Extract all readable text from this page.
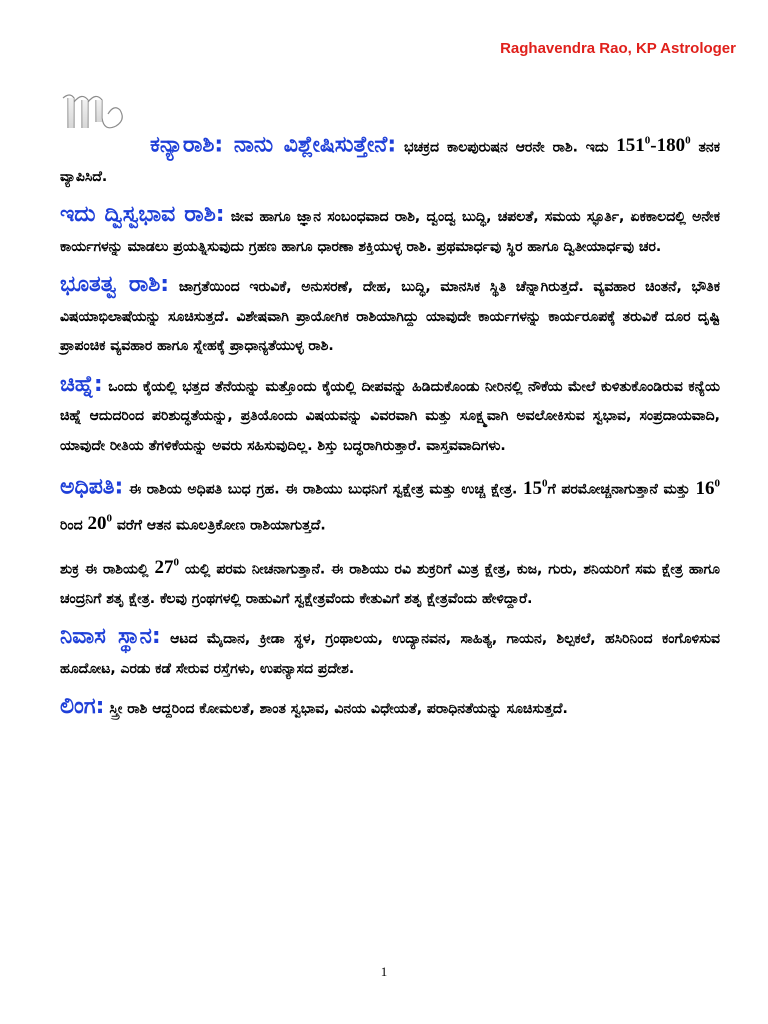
Raghavendra Rao, KP Astrologer

ಕನ್ಯಾರಾಶಿ: ನಾನು ವಿಶ್ಲೇಷಿಸುತ್ತೇನೆ: ಭಚಕ್ರದ ಕಾಲಪುರುಷನ ಆರನೇ ರಾಶಿ. ಇದು $151^0-180^0$ ತನಕ ವ್ಯಾಪಿಸಿದೆ.

ಇದು ದ್ವಿಸ್ವಭಾವ ರಾಶಿ: ಜೀವ ಹಾಗೂ ಜ್ಞಾನ ಸಂಬಂಧವಾದ ರಾಶಿ, ದ್ವಂದ್ವ ಬುದ್ಧಿ, ಚಪಲತೆ, ಸಮಯ ಸ್ಫೂರ್ತಿ, ಏಕಕಾಲದಲ್ಲಿ ಅನೇಕ ಕಾರ್ಯಗಳನ್ನು ಮಾಡಲು ಪ್ರಯತ್ನಿಸುವುದು ಗ್ರಹಣ ಹಾಗೂ ಧಾರಣಾ ಶಕ್ತಿಯುಳ್ಳ ರಾಶಿ. ಪ್ರಥಮಾರ್ಧವು ಸ್ಥಿರ ಹಾಗೂ ದ್ವಿತೀಯಾರ್ಧವು ಚರ.

ಭೂತತ್ವ ರಾಶಿ: ಜಾಗ್ರತೆಯಿಂದ ಇರುವಿಕೆ, ಅನುಸರಣೆ, ದೇಹ, ಬುದ್ಧಿ, ಮಾನಸಿಕ ಸ್ಥಿತಿ ಚೆನ್ನಾಗಿರುತ್ತದೆ. ವ್ಯವಹಾರ ಚಿಂತನೆ, ಭೌತಿಕ ವಿಷಯಾಭಿಲಾಷೆಯನ್ನು ಸೂಚಿಸುತ್ತದೆ. ವಿಶೇಷವಾಗಿ ಪ್ರಾಯೋಗಿಕ ರಾಶಿಯಾಗಿದ್ದು ಯಾವುದೇ ಕಾರ್ಯಗಳನ್ನು ಕಾರ್ಯರೂಪಕ್ಕೆ ತರುವಿಕೆ ದೂರ ದೃಷ್ಟಿ ಪ್ರಾಪಂಚಿಕ ವ್ಯವಹಾರ ಹಾಗೂ ಸ್ನೇಹಕ್ಕೆ ಪ್ರಾಧಾನ್ಯತೆಯುಳ್ಳ ರಾಶಿ.

ಚಿಹ್ನೆ: ಒಂದು ಕೈಯಲ್ಲಿ ಭತ್ತದ ತೆನೆಯನ್ನು ಮತ್ತೊಂದು ಕೈಯಲ್ಲಿ ದೀಪವನ್ನು ಹಿಡಿದುಕೊಂಡು ನೀರಿನಲ್ಲಿ ನೌಕೆಯ ಮೇಲೆ ಕುಳಿತುಕೊಂಡಿರುವ ಕನ್ಯೆಯ ಚಿಹ್ನೆ ಆದುದರಿಂದ ಪರಿಶುದ್ಧತೆಯನ್ನು, ಪ್ರತಿಯೊಂದು ವಿಷಯವನ್ನು ವಿವರವಾಗಿ ಮತ್ತು ಸೂಕ್ಷ್ಮವಾಗಿ ಅವಲೋಕಿಸುವ ಸ್ವಭಾವ, ಸಂಪ್ರದಾಯವಾದಿ, ಯಾವುದೇ ರೀತಿಯ ತೆಗಳಿಕೆಯನ್ನು ಅವರು ಸಹಿಸುವುದಿಲ್ಲ. ಶಿಸ್ತು ಬದ್ಧರಾಗಿರುತ್ತಾರೆ. ವಾಸ್ತವವಾದಿಗಳು.

ಅಧಿಪತಿ: ಈ ರಾಶಿಯ ಅಧಿಪತಿ ಬುಧ ಗ್ರಹ. ಈ ರಾಶಿಯು ಬುಧನಿಗೆ ಸ್ವಕ್ಷೇತ್ರ ಮತ್ತು ಉಚ್ಚ ಕ್ಷೇತ್ರ. $15^0ಗೆ$ ಪರಮೋಚ್ಚನಾಗುತ್ತಾನೆ ಮತ್ತು $16^0$ ರಿಂದ $20^0$ ವರೆಗೆ ಆತನ ಮೂಲತ್ರಿಕೋಣ ರಾಶಿಯಾಗುತ್ತದೆ.

ಶುಕ್ರ ಈ ರಾಶಿಯಲ್ಲಿ $27^0$ ಯಲ್ಲಿ ಪರಮ ನೀಚನಾಗುತ್ತಾನೆ. ಈ ರಾಶಿಯು ರವಿ ಶುಕ್ರರಿಗೆ ಮಿತ್ರ ಕ್ಷೇತ್ರ, ಕುಜ, ಗುರು, ಶನಿಯರಿಗೆ ಸಮ ಕ್ಷೇತ್ರ ಹಾಗೂ ಚಂದ್ರನಿಗೆ ಶತೃ ಕ್ಷೇತ್ರ. ಕೆಲವು ಗ್ರಂಥಗಳಲ್ಲಿ ರಾಹುವಿಗೆ ಸ್ವಕ್ಷೇತ್ರವೆಂದು ಕೇತುವಿಗೆ ಶತೃ ಕ್ಷೇತ್ರವೆಂದು ಹೇಳಿದ್ದಾರೆ.

ನಿವಾಸ ಸ್ಥಾನ: ಆಟದ ಮೈದಾನ, ಕ್ರೀಡಾ ಸ್ಥಳ, ಗ್ರಂಥಾಲಯ, ಉದ್ಯಾನವನ, ಸಾಹಿತ್ಯ, ಗಾಯನ, ಶಿಲ್ಪಕಲೆ, ಹಸಿರಿನಿಂದ ಕಂಗೊಳಿಸುವ ಹೂದೋಟ, ಎರಡು ಕಡೆ ಸೇರುವ ರಸ್ತೆಗಳು, ಉಪನ್ಯಾಸದ ಪ್ರದೇಶ.

ಲಿಂಗ: ಸ್ತ್ರೀ ರಾಶಿ ಆದ್ದರಿಂದ ಕೋಮಲತೆ, ಶಾಂತ ಸ್ವಭಾವ, ವಿನಯ ವಿಧೇಯತೆ, ಪರಾಧಿನತೆಯನ್ನು ಸೂಚಿಸುತ್ತದೆ.

1
